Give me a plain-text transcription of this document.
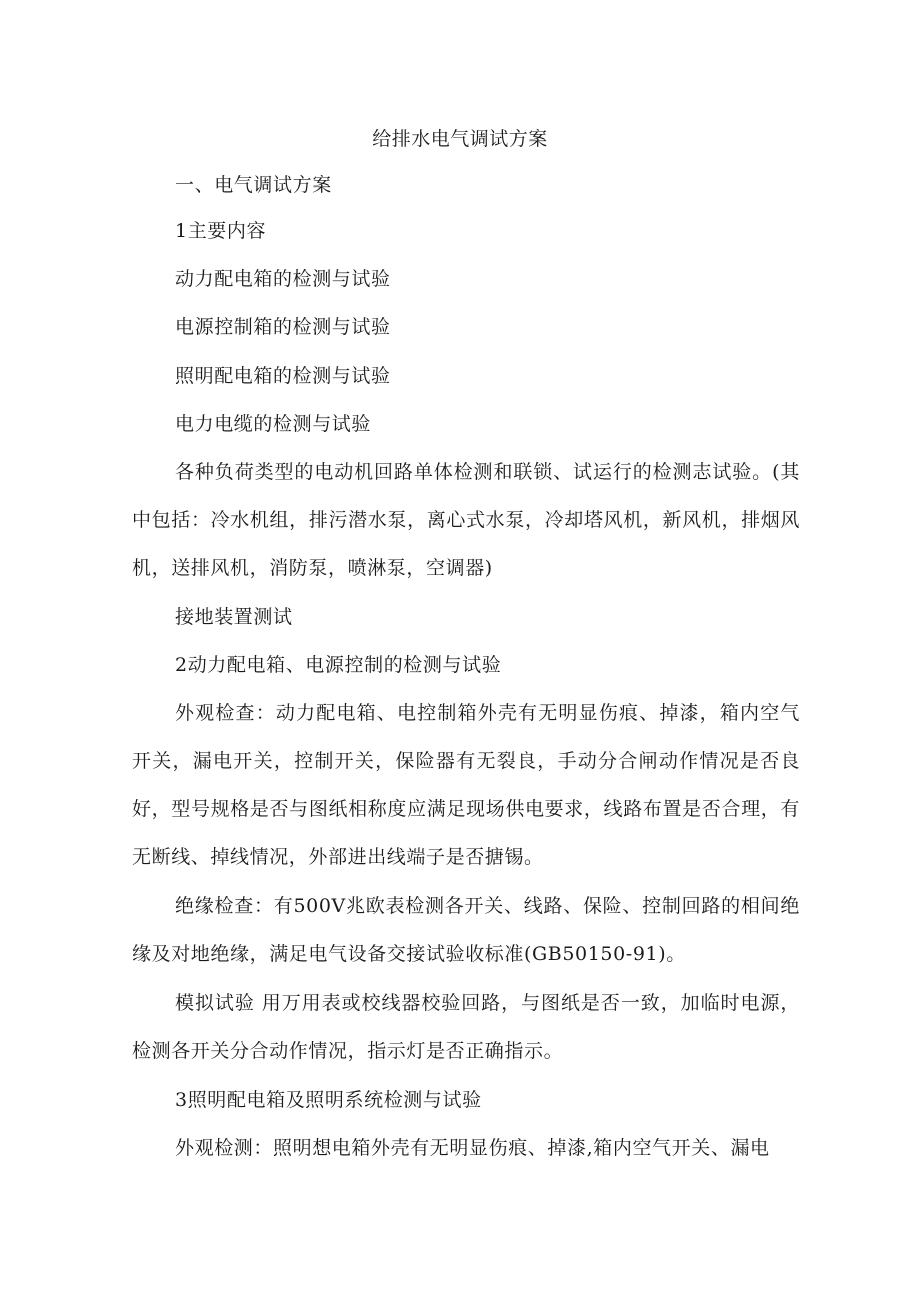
给排水电气调试方案
一、电气调试方案
1主要内容
动力配电箱的检测与试验
电源控制箱的检测与试验
照明配电箱的检测与试验
电力电缆的检测与试验
各种负荷类型的电动机回路单体检测和联锁、试运行的检测志试验。(其中包括：冷水机组，排污潜水泵，离心式水泵，冷却塔风机，新风机，排烟风机，送排风机，消防泵，喷淋泵，空调器)
接地装置测试
2动力配电箱、电源控制的检测与试验
外观检查：动力配电箱、电控制箱外壳有无明显伤痕、掉漆，箱内空气开关，漏电开关，控制开关，保险器有无裂良，手动分合闸动作情况是否良好，型号规格是否与图纸相称度应满足现场供电要求，线路布置是否合理，有无断线、掉线情况，外部进出线端子是否搪锡。
绝缘检查：有500V兆欧表检测各开关、线路、保险、控制回路的相间绝缘及对地绝缘，满足电气设备交接试验收标准(GB50150-91)。
模拟试验 用万用表或校线器校验回路，与图纸是否一致，加临时电源，检测各开关分合动作情况，指示灯是否正确指示。
3照明配电箱及照明系统检测与试验
外观检测：照明想电箱外壳有无明显伤痕、掉漆,箱内空气开关、漏电
